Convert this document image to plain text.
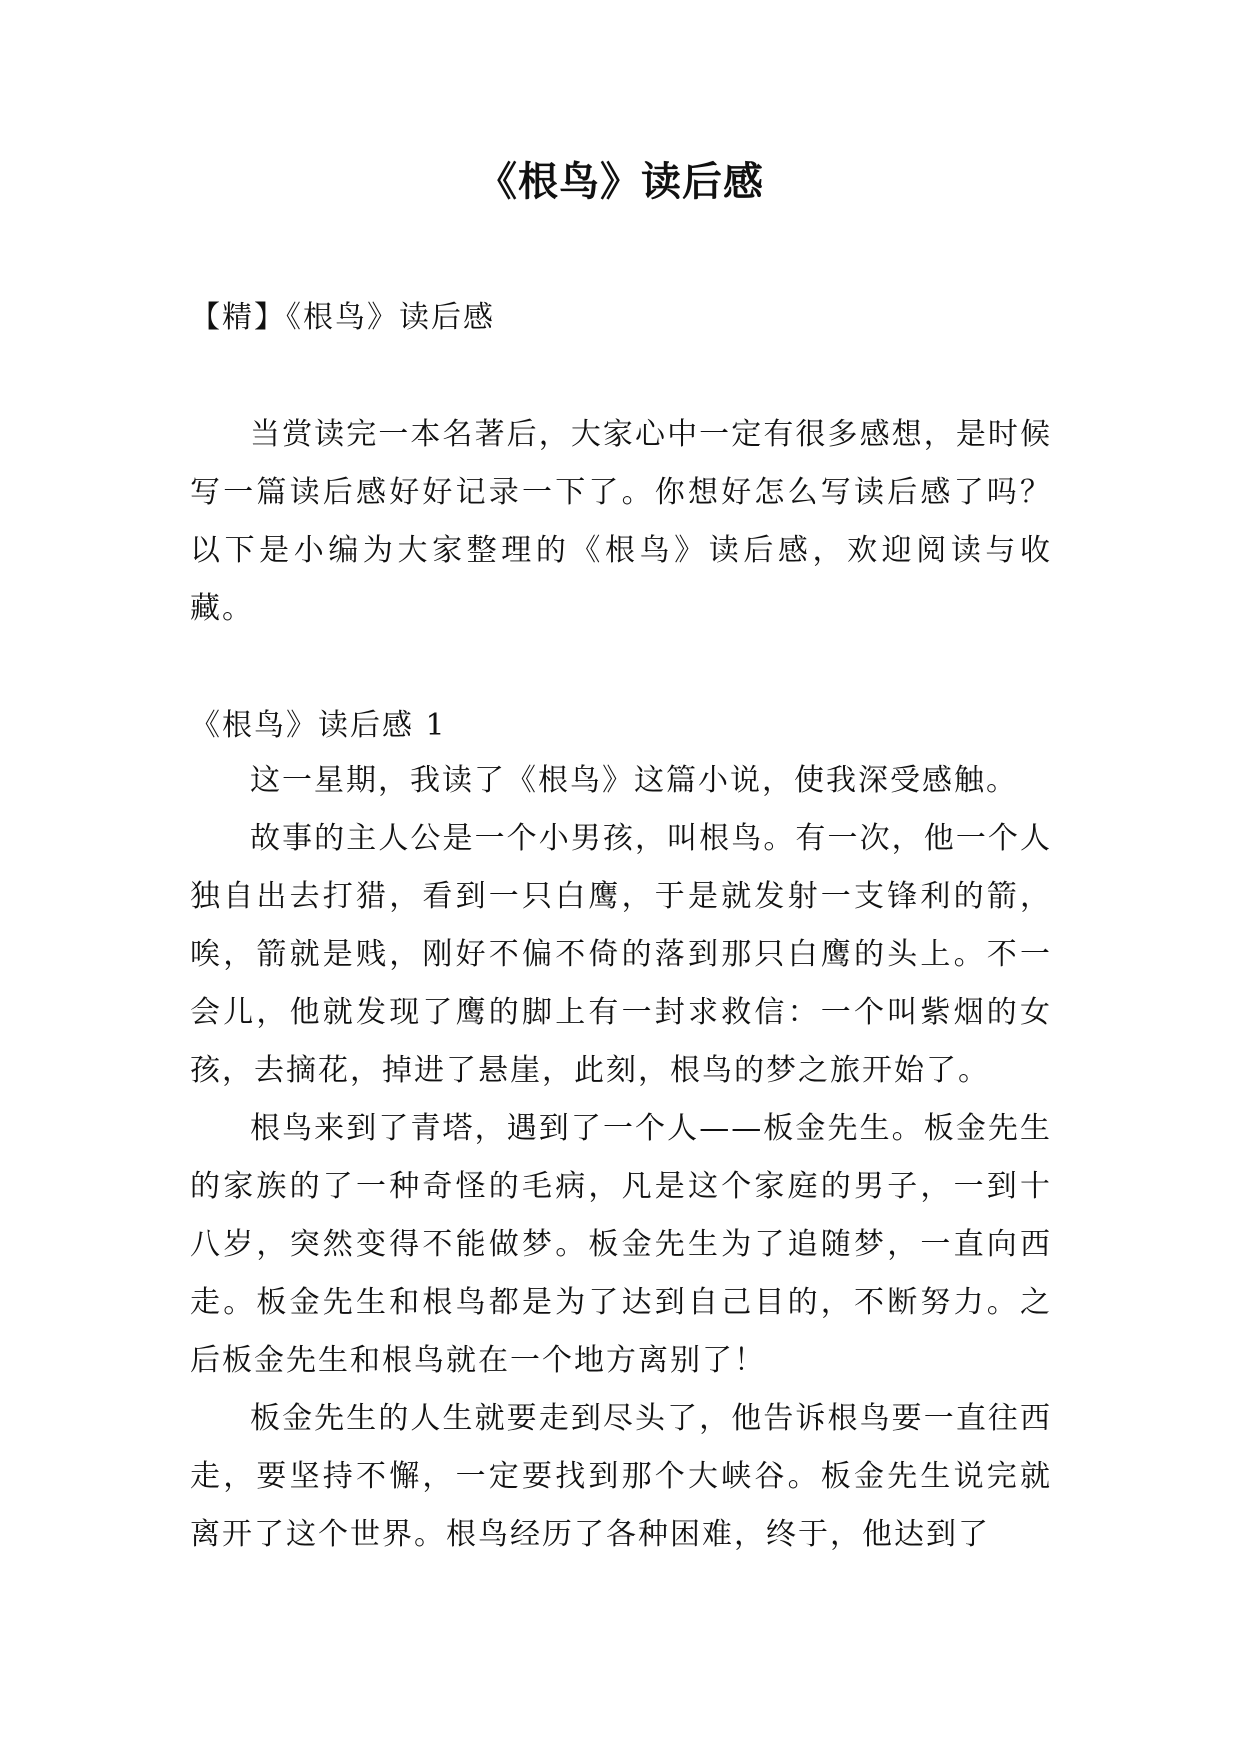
《根鸟》读后感
【精】《根鸟》读后感

当赏读完一本名著后，大家心中一定有很多感想，是时候写一篇读后感好好记录一下了。你想好怎么写读后感了吗？以下是小编为大家整理的《根鸟》读后感，欢迎阅读与收藏。

《根鸟》读后感 1

这一星期，我读了《根鸟》这篇小说，使我深受感触。

故事的主人公是一个小男孩，叫根鸟。有一次，他一个人独自出去打猎，看到一只白鹰，于是就发射一支锋利的箭，唉，箭就是贱，刚好不偏不倚的落到那只白鹰的头上。不一会儿，他就发现了鹰的脚上有一封求救信：一个叫紫烟的女孩，去摘花，掉进了悬崖，此刻，根鸟的梦之旅开始了。

根鸟来到了青塔，遇到了一个人——板金先生。板金先生的家族的了一种奇怪的毛病，凡是这个家庭的男子，一到十八岁，突然变得不能做梦。板金先生为了追随梦，一直向西走。板金先生和根鸟都是为了达到自己目的，不断努力。之后板金先生和根鸟就在一个地方离别了！

板金先生的人生就要走到尽头了，他告诉根鸟要一直往西走，要坚持不懈，一定要找到那个大峡谷。板金先生说完就离开了这个世界。根鸟经历了各种困难，终于，他达到了
